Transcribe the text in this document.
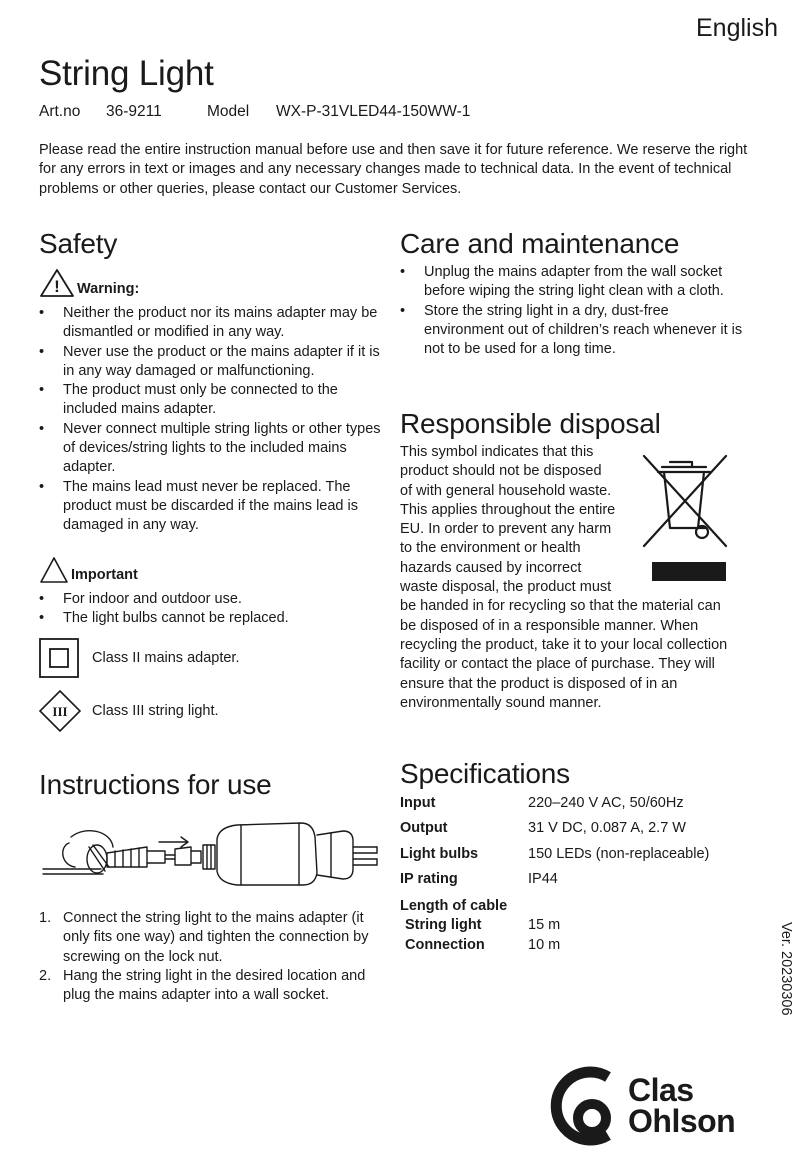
English
String Light
Art.no 36-9211	Model WX-P-31VLED44-150WW-1

Please read the entire instruction manual before use and then save it for future reference. We reserve the right for any errors in text or images and any necessary changes made to technical data. In the event of technical problems or other queries, please contact our Customer Services.

Safety
! Warning:
• Neither the product nor its mains adapter may be dismantled or modified in any way.
• Never use the product or the mains adapter if it is in any way damaged or malfunctioning.
• The product must only be connected to the included mains adapter.
• Never connect multiple string lights or other types of devices/string lights to the included mains adapter.
• The mains lead must never be replaced. The product must be discarded if the mains lead is damaged in any way.
Important
• For indoor and outdoor use.
• The light bulbs cannot be replaced.
Class II mains adapter.
III Class III string light.
Instructions for use
1. Connect the string light to the mains adapter (it only fits one way) and tighten the connection by screwing on the lock nut.
2. Hang the string light in the desired location and plug the mains adapter into a wall socket.
Care and maintenance
• Unplug the mains adapter from the wall socket before wiping the string light clean with a cloth.
• Store the string light in a dry, dust-free environment out of children’s reach whenever it is not to be used for a long time.
Responsible disposal
This symbol indicates that this
product should not be disposed
of with general household waste.
This applies throughout the entire
EU. In order to prevent any harm
to the environment or health
hazards caused by incorrect
waste disposal, the product must

be handed in for recycling so that the material can be disposed of in a responsible manner. When recycling the product, take it to your local collection facility or contact the place of purchase. They will ensure that the product is disposed of in an environmentally sound manner.

Specifications
Input	220–240 V AC, 50/60Hz
Output	31 V DC, 0.087 A, 2.7 W
Light bulbs	150 LEDs (non-replaceable)
IP rating	IP44
Length of cable	
String light	15 m
Connection	10 m	Ver. 20230306
Clas
Ohlson
